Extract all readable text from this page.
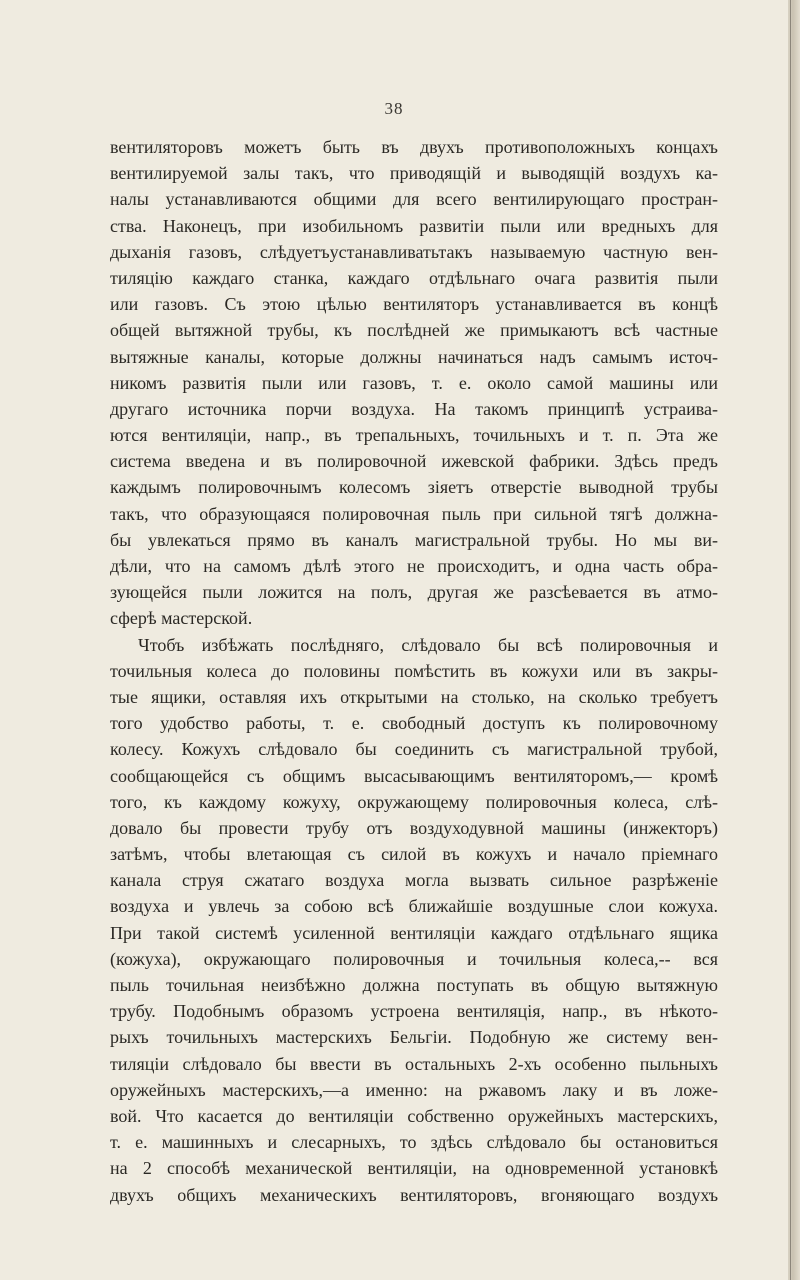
38
вентиляторовъ можетъ быть въ двухъ противоположныхъ концахъ
вентилируемой залы такъ, что приводящій и выводящій воздухъ ка-
налы устанавливаются общими для всего вентилирующаго простран-
ства. Наконецъ, при изобильномъ развитіи пыли или вредныхъ для
дыханія газовъ, слѣдуетъустанавливатьтакъ называемую частную вен-
тиляцію каждаго станка, каждаго отдѣльнаго очага развитія пыли
или газовъ. Съ этою цѣлью вентиляторъ устанавливается въ концѣ
общей вытяжной трубы, къ послѣдней же примыкаютъ всѣ частные
вытяжные каналы, которые должны начинаться надъ самымъ источ-
никомъ развитія пыли или газовъ, т. е. около самой машины или
другаго источника порчи воздуха. На такомъ принципѣ устраива-
ются вентиляціи, напр., въ трепальныхъ, точильныхъ и т. п. Эта же
система введена и въ полировочной ижевской фабрики. Здѣсь предъ
каждымъ полировочнымъ колесомъ зіяетъ отверстіе выводной трубы
такъ, что образующаяся полировочная пыль при сильной тягѣ должна-
бы увлекаться прямо въ каналъ магистральной трубы. Но мы ви-
дѣли, что на самомъ дѣлѣ этого не происходитъ, и одна часть обра-
зующейся пыли ложится на полъ, другая же разсѣевается въ атмо-
сферѣ мастерской.
Чтобъ избѣжать послѣдняго, слѣдовало бы всѣ полировочныя и
точильныя колеса до половины помѣстить въ кожухи или въ закры-
тые ящики, оставляя ихъ открытыми на столько, на сколько требуетъ
того удобство работы, т. е. свободный доступъ къ полировочному
колесу. Кожухъ слѣдовало бы соединить съ магистральной трубой,
сообщающейся съ общимъ высасывающимъ вентиляторомъ,— кромѣ
того, къ каждому кожуху, окружающему полировочныя колеса, слѣ-
довало бы провести трубу отъ воздуходувной машины (инжекторъ)
затѣмъ, чтобы влетающая съ силой въ кожухъ и начало пріемнаго
канала струя сжатаго воздуха могла вызвать сильное разрѣженіе
воздуха и увлечь за собою всѣ ближайшіе воздушные слои кожуха.
При такой системѣ усиленной вентиляціи каждаго отдѣльнаго ящика
(кожуха), окружающаго полировочныя и точильныя колеса,-- вся
пыль точильная неизбѣжно должна поступать въ общую вытяжную
трубу. Подобнымъ образомъ устроена вентиляція, напр., въ нѣкото-
рыхъ точильныхъ мастерскихъ Бельгіи. Подобную же систему вен-
тиляціи слѣдовало бы ввести въ остальныхъ 2-хъ особенно пыльныхъ
оружейныхъ мастерскихъ,—а именно: на ржавомъ лаку и въ ложе-
вой. Что касается до вентиляціи собственно оружейныхъ мастерскихъ,
т. е. машинныхъ и слесарныхъ, то здѣсь слѣдовало бы остановиться
на 2 способѣ механической вентиляціи, на одновременной установкѣ
двухъ общихъ механическихъ вентиляторовъ, вгоняющаго воздухъ
